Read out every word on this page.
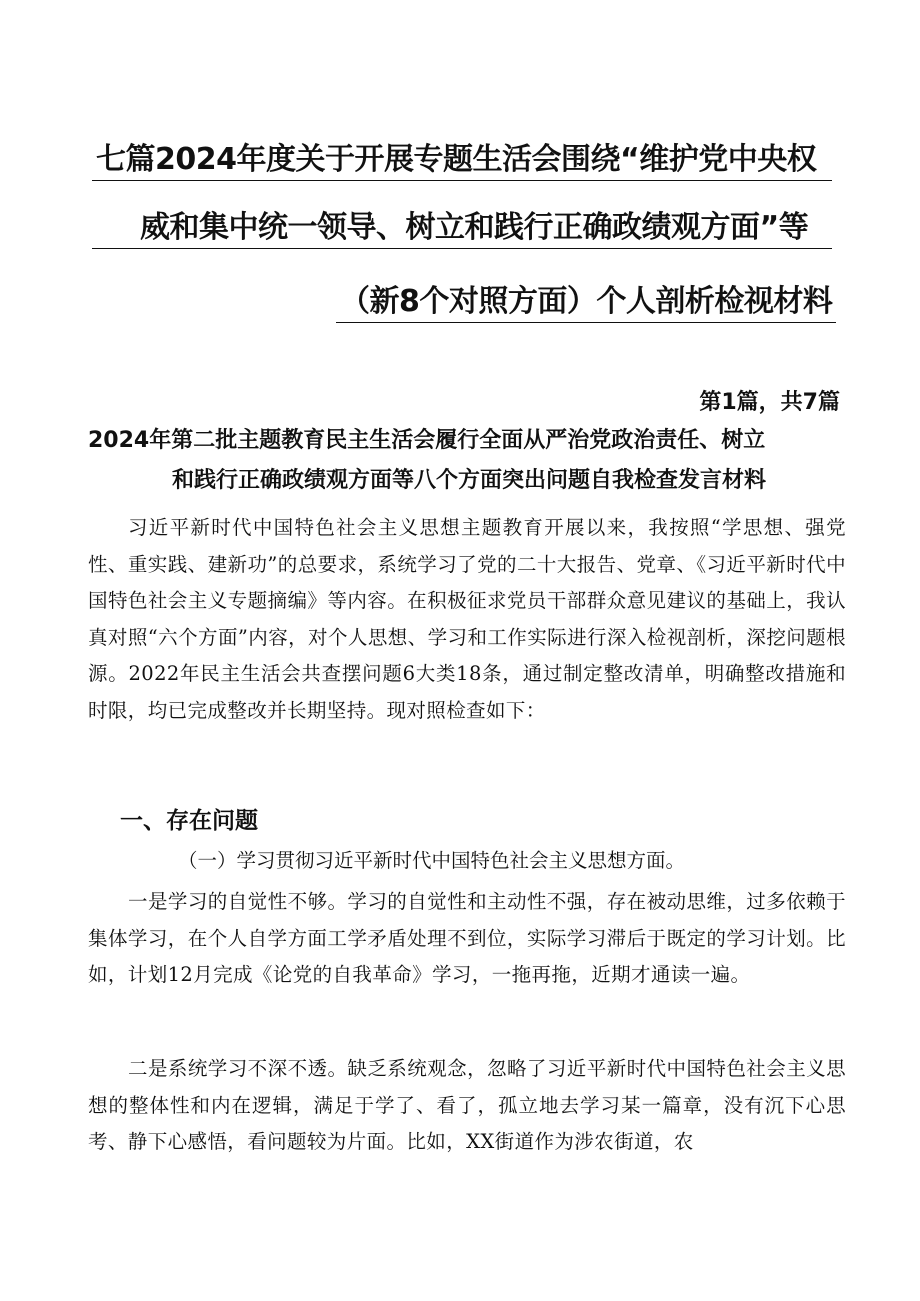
七篇2024年度关于开展专题生活会围绕“维护党中央权
威和集中统一领导、树立和践行正确政绩观方面”等
（新8个对照方面）个人剖析检视材料
第1篇，共7篇
2024年第二批主题教育民主生活会履行全面从严治党政治责任、树立
和践行正确政绩观方面等八个方面突出问题自我检查发言材料
习近平新时代中国特色社会主义思想主题教育开展以来，我按照“学思想、强党性、重实践、建新功”的总要求，系统学习了党的二十大报告、党章、《习近平新时代中国特色社会主义专题摘编》等内容。在积极征求党员干部群众意见建议的基础上，我认真对照“六个方面”内容，对个人思想、学习和工作实际进行深入检视剖析，深挖问题根源。2022年民主生活会共查摆问题6大类18条，通过制定整改清单，明确整改措施和时限，均已完成整改并长期坚持。现对照检查如下：
一、存在问题
（一）学习贯彻习近平新时代中国特色社会主义思想方面。
一是学习的自觉性不够。学习的自觉性和主动性不强，存在被动思维，过多依赖于集体学习，在个人自学方面工学矛盾处理不到位，实际学习滞后于既定的学习计划。比如，计划12月完成《论党的自我革命》学习，一拖再拖，近期才通读一遍。
二是系统学习不深不透。缺乏系统观念，忽略了习近平新时代中国特色社会主义思想的整体性和内在逻辑，满足于学了、看了，孤立地去学习某一篇章，没有沉下心思考、静下心感悟，看问题较为片面。比如，XX街道作为涉农街道，农
